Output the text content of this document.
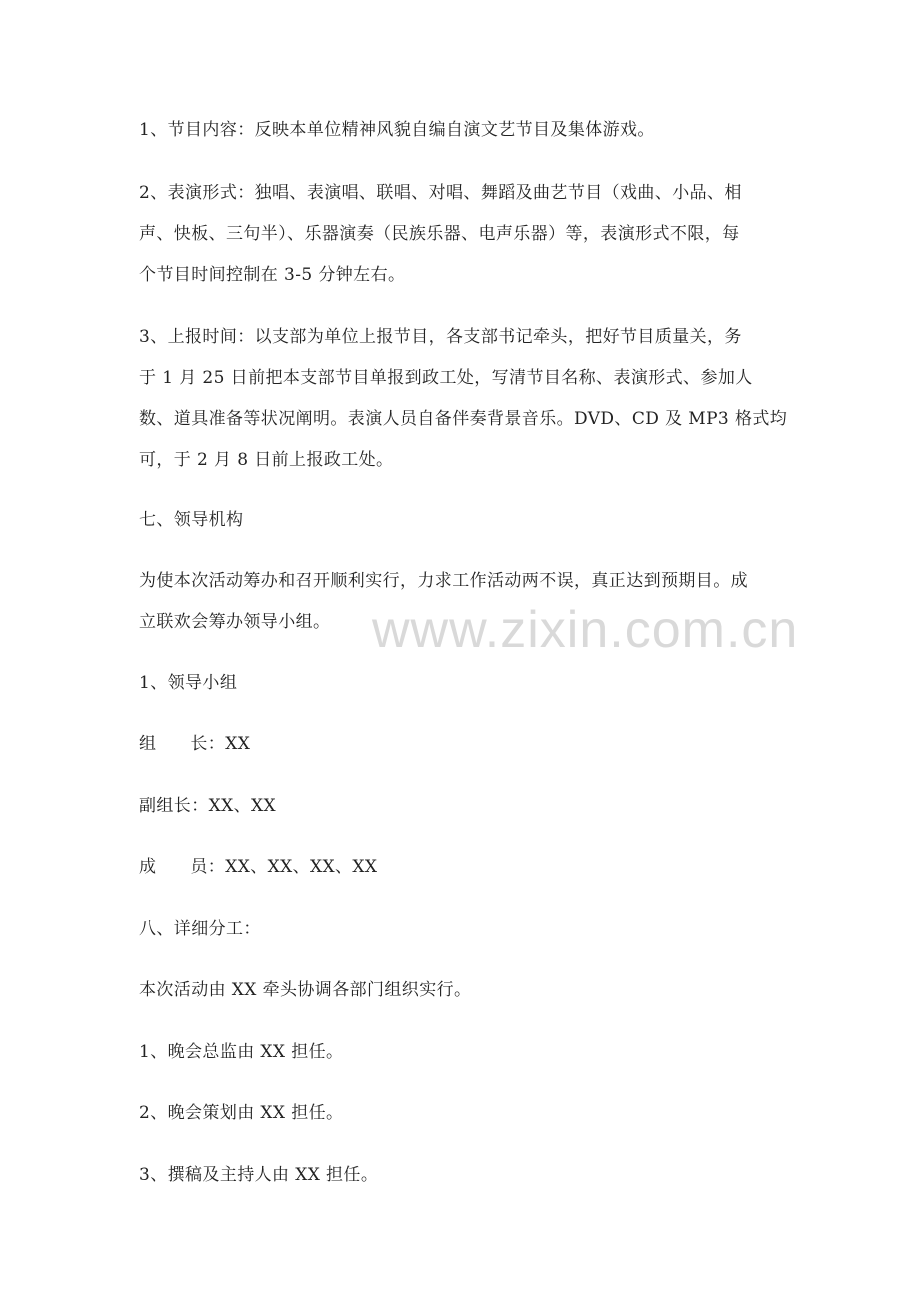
1、节目内容：反映本单位精神风貌自编自演文艺节目及集体游戏。

2、表演形式：独唱、表演唱、联唱、对唱、舞蹈及曲艺节目（戏曲、小品、相
声、快板、三句半）、乐器演奏（民族乐器、电声乐器）等，表演形式不限，每
个节目时间控制在 3-5 分钟左右。

3、上报时间：以支部为单位上报节目，各支部书记牵头，把好节目质量关，务
于 1 月 25 日前把本支部节目单报到政工处，写清节目名称、表演形式、参加人
数、道具准备等状况阐明。表演人员自备伴奏背景音乐。DVD、CD 及 MP3 格式均
可，于 2 月 8 日前上报政工处。

七、领导机构

为使本次活动筹办和召开顺利实行，力求工作活动两不误，真正达到预期目。成
立联欢会筹办领导小组。

1、领导小组

组 长：XX

副组长：XX、XX

成 员：XX、XX、XX、XX

八、详细分工：

本次活动由 XX 牵头协调各部门组织实行。

1、晚会总监由 XX 担任。

2、晚会策划由 XX 担任。

3、撰稿及主持人由 XX 担任。

www.zixin.com.cn
